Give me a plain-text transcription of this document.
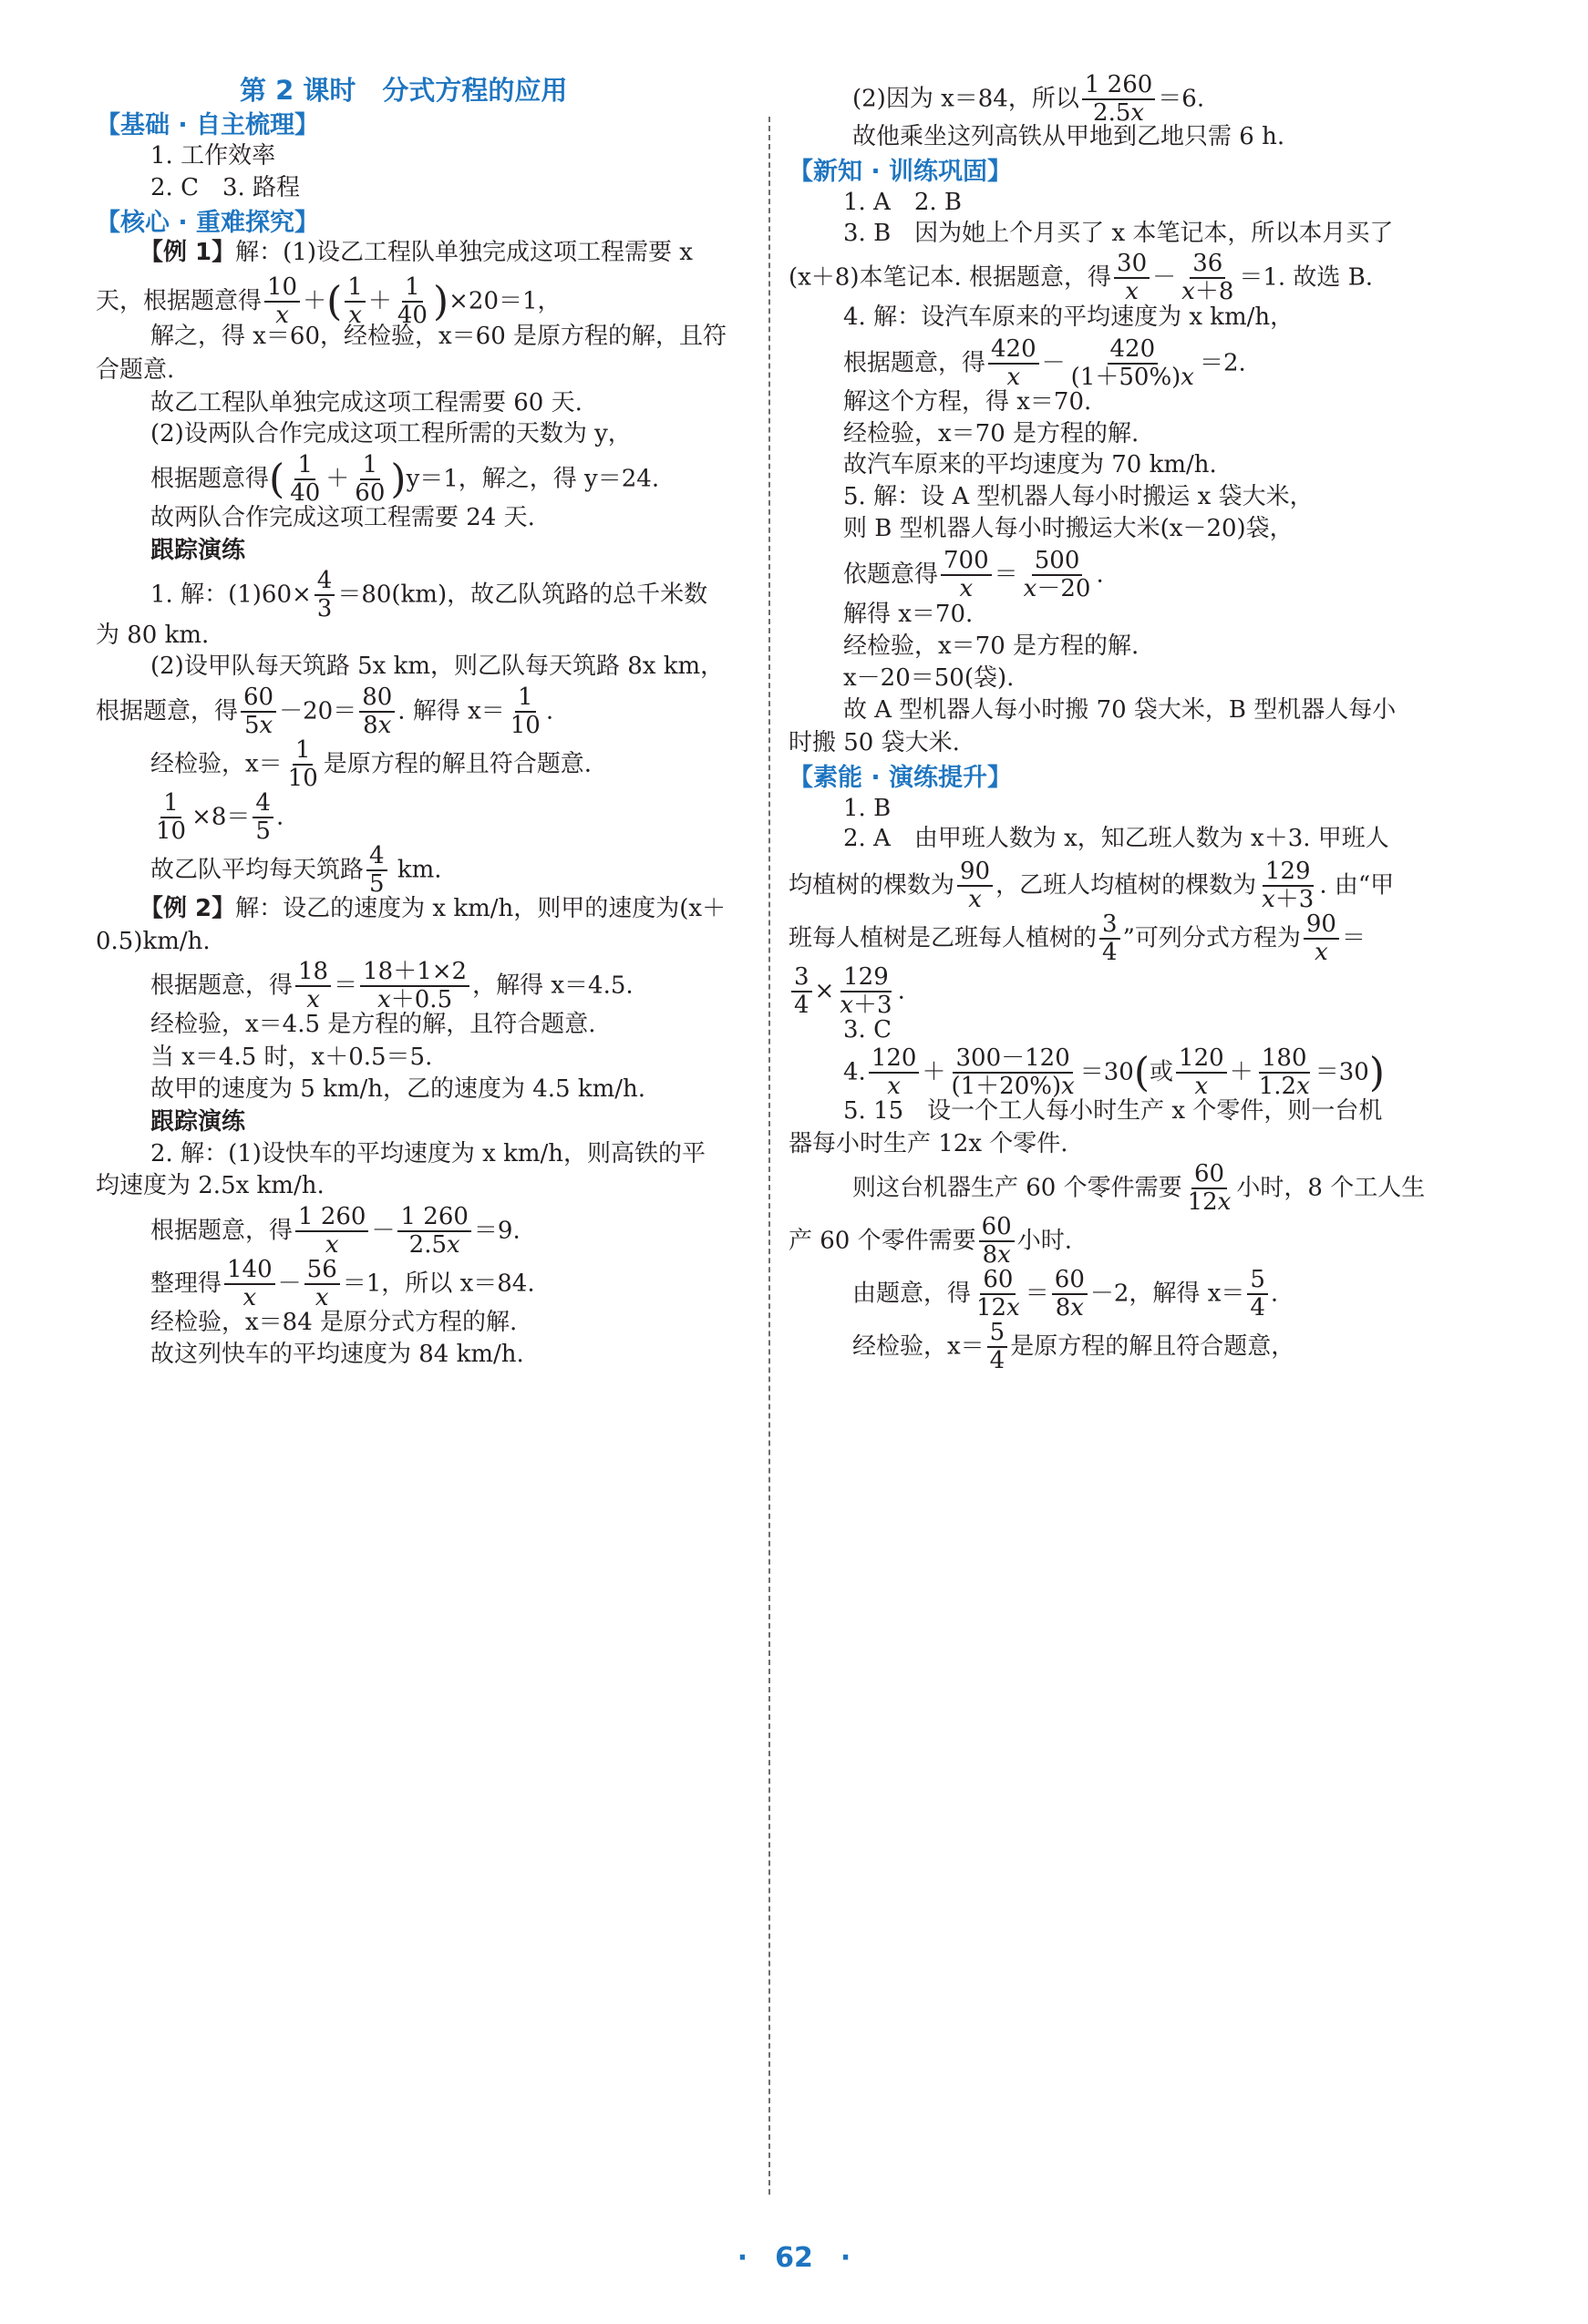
第 2 课时　分式方程的应用
【基础 · 自主梳理】
1. 工作效率
2. C　3. 路程
【核心 · 重难探究】
【例 1】解：(1)设乙工程队单独完成这项工程需要 x
天，根据题意得 $\frac{10}{x}$ ＋( $\frac{1}{x} + \frac{1}{40} )\times 20=1$，
解之，得 x＝60，经检验，x＝60 是原方程的解，且符
合题意.
故乙工程队单独完成这项工程需要 60 天.
(2)设两队合作完成这项工程所需的天数为 y，
根据题意得( $\frac{1}{40} + \frac{1}{60} )y=1$，解之，得 y＝24.
故两队合作完成这项工程需要 24 天.
跟踪演练
1. 解：$(1)60\times \frac{4}{3} =80(km)$，故乙队筑路的总千米数
为 80 km.
(2)设甲队每天筑路 5x km，则乙队每天筑路 8x km，
根据题意，得 $\frac{60}{5x} -20= \frac{80}{8x}$ . 解得 $x= \frac{1}{10}$ .
经检验，$x= \frac{1}{10}$ 是原方程的解且符合题意.
$\frac{1}{10} \times 8= \frac{4}{5}$ .
故乙队平均每天筑路 $\frac{4}{5}$ km.
【例 2】解：设乙的速度为 x km/h，则甲的速度为(x＋
0.5)km/h.
根据题意，得 $\frac{18}{x} = \frac{18+1\times 2}{x+0.5}$ ，解得 x＝4.5.
经检验，x＝4.5 是方程的解，且符合题意.
当 x＝4.5 时，x＋0.5＝5.
故甲的速度为 5 km/h，乙的速度为 4.5 km/h.
跟踪演练
2. 解：(1)设快车的平均速度为 x km/h，则高铁的平
均速度为 2.5x km/h.
根据题意，得 $\frac{1 260}{x} - \frac{1 260}{2.5x} =9$.
整理得 $\frac{140}{x} - \frac{56}{x} =1$，所以 x＝84.
经检验，x＝84 是原分式方程的解.
故这列快车的平均速度为 84 km/h.
(2)因为 x＝84，所以 $\frac{1 260}{2.5x} =6$.
故他乘坐这列高铁从甲地到乙地只需 6 h.
【新知 · 训练巩固】
1. A　2. B
3. B　因为她上个月买了 x 本笔记本，所以本月买了
(x＋8)本笔记本. 根据题意，得 $\frac{30}{x} - \frac{36}{x+8} =1$. 故选 B.
4. 解：设汽车原来的平均速度为 x km/h，
根据题意，得 $\frac{420}{x} - \frac{420}{(1+50\%)x} =2$.
解这个方程，得 x＝70.
经检验，x＝70 是方程的解.
故汽车原来的平均速度为 70 km/h.
5. 解：设 A 型机器人每小时搬运 x 袋大米，
则 B 型机器人每小时搬运大米(x－20)袋，
依题意得 $\frac{700}{x} = \frac{500}{x-20}$ .
解得 x＝70.
经检验，x＝70 是方程的解.
x－20＝50(袋).
故 A 型机器人每小时搬 70 袋大米，B 型机器人每小
时搬 50 袋大米.
【素能 · 演练提升】
1. B
2. A　由甲班人数为 x，知乙班人数为 x＋3. 甲班人
均植树的棵数为 $\frac{90}{x}$ ，乙班人均植树的棵数为 $\frac{129}{x+3}$ . 由“甲
班每人植树是乙班每人植树的 $\frac{3}{4}$ ”可列分式方程为 $\frac{90}{x}$ ＝
$\frac{3}{4} \times \frac{129}{x+3}$ .
3. C
4. $\frac{120}{x} + \frac{300-120}{(1+20\%)x} =30$(或 $\frac{120}{x} + \frac{180}{1.2x} =30$)
5. 15　设一个工人每小时生产 x 个零件，则一台机
器每小时生产 12x 个零件.
则这台机器生产 60 个零件需要 $\frac{60}{12x}$ 小时，8 个工人生
产 60 个零件需要 $\frac{60}{8x}$ 小时.
由题意，得 $\frac{60}{12x} = \frac{60}{8x} -2$，解得 $x= \frac{5}{4}$ .
经检验，$x= \frac{5}{4}$ 是原方程的解且符合题意，
·　62　·
